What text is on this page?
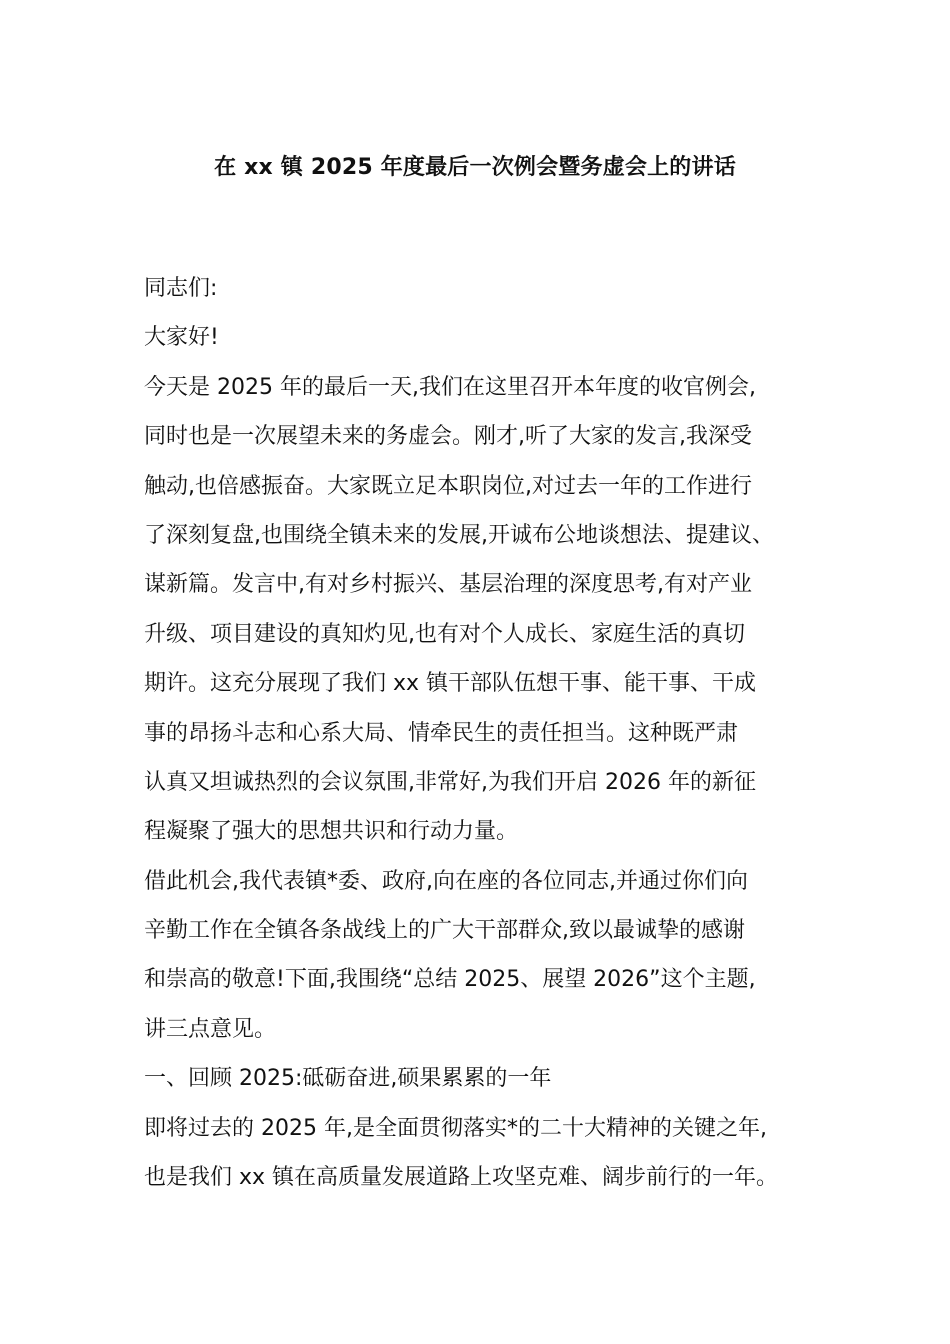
在 xx 镇 2025 年度最后一次例会暨务虚会上的讲话
同志们:
大家好!
今天是 2025 年的最后一天,我们在这里召开本年度的收官例会,
同时也是一次展望未来的务虚会。刚才,听了大家的发言,我深受
触动,也倍感振奋。大家既立足本职岗位,对过去一年的工作进行
了深刻复盘,也围绕全镇未来的发展,开诚布公地谈想法、提建议、
谋新篇。发言中,有对乡村振兴、基层治理的深度思考,有对产业
升级、项目建设的真知灼见,也有对个人成长、家庭生活的真切
期许。这充分展现了我们 xx 镇干部队伍想干事、能干事、干成
事的昂扬斗志和心系大局、情牵民生的责任担当。这种既严肃
认真又坦诚热烈的会议氛围,非常好,为我们开启 2026 年的新征
程凝聚了强大的思想共识和行动力量。
借此机会,我代表镇*委、政府,向在座的各位同志,并通过你们向
辛勤工作在全镇各条战线上的广大干部群众,致以最诚挚的感谢
和崇高的敬意!下面,我围绕“总结 2025、展望 2026”这个主题,
讲三点意见。
一、回顾 2025:砥砺奋进,硕果累累的一年
即将过去的 2025 年,是全面贯彻落实*的二十大精神的关键之年,
也是我们 xx 镇在高质量发展道路上攻坚克难、阔步前行的一年。
